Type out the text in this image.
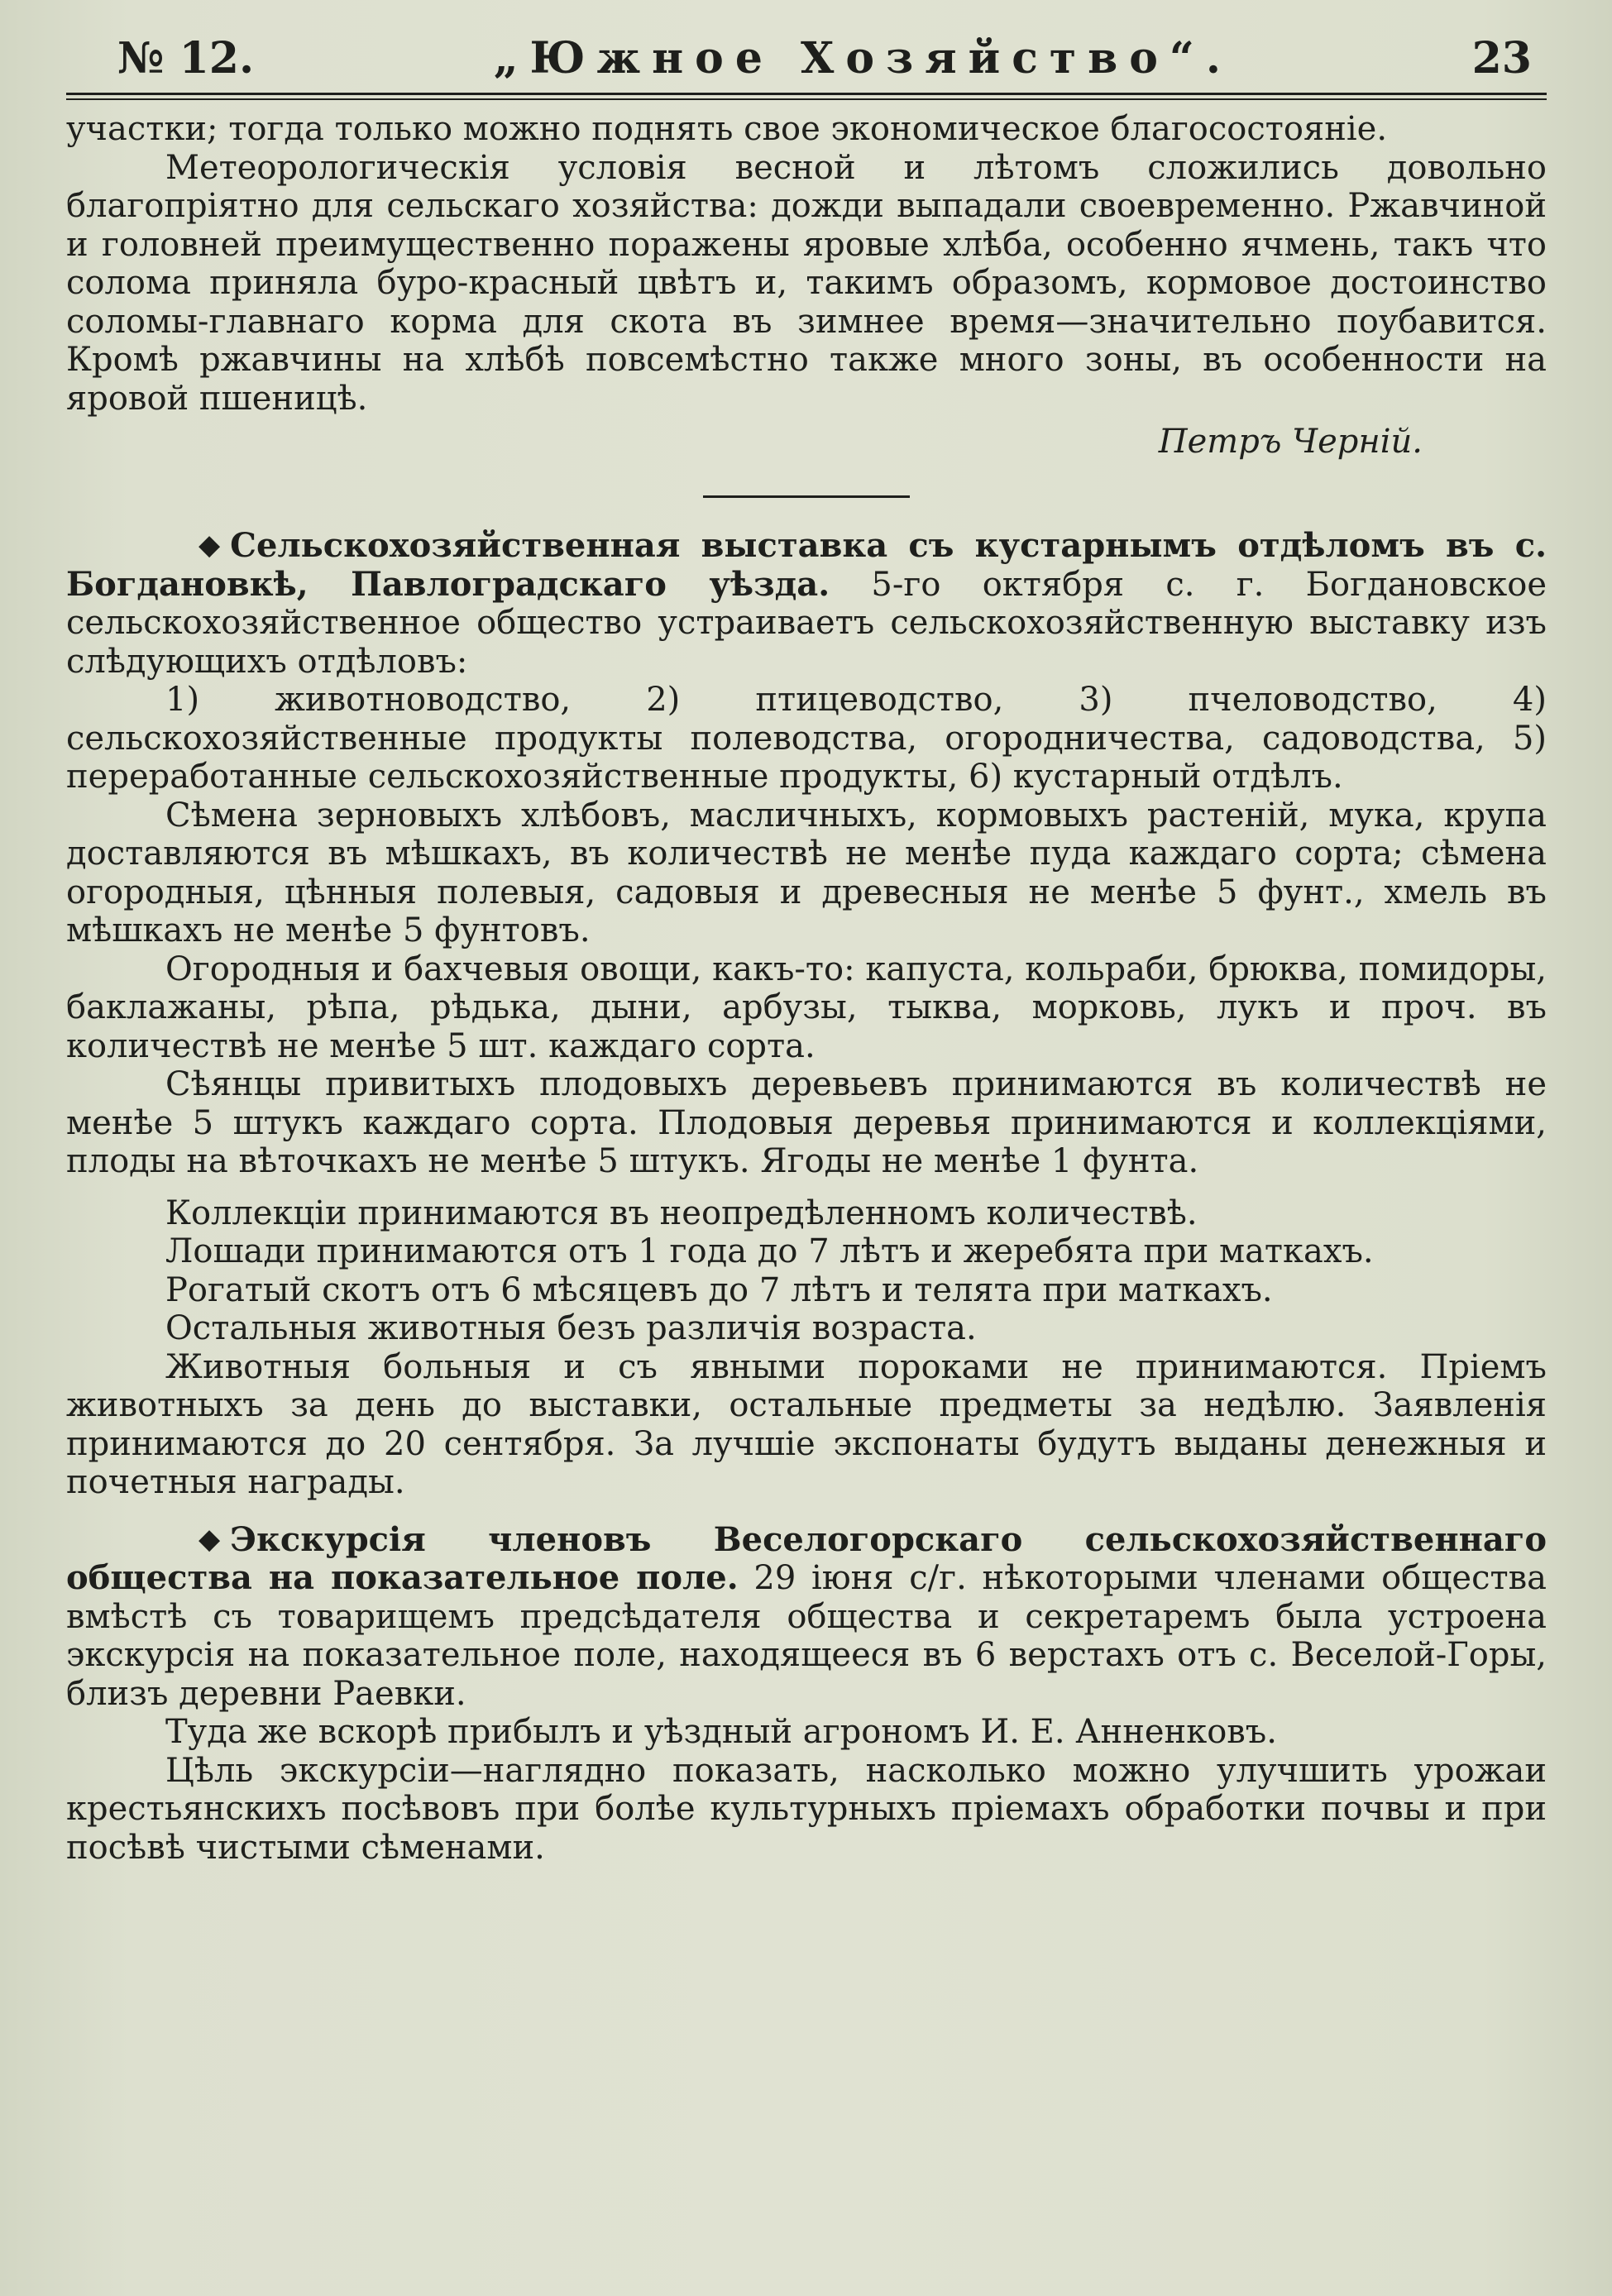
№ 12.	„Южное Хозяйство“.	23

участки; тогда только можно поднять свое экономическое благосостояніе.

Метеорологическія условія весной и лѣтомъ сложились довольно благопріятно для сельскаго хозяйства: дожди выпадали своевременно. Ржавчиной и головней преимущественно поражены яровые хлѣба, особенно ячмень, такъ что солома приняла буро-красный цвѣтъ и, такимъ образомъ, кормовое достоинство соломы-главнаго корма для скота въ зимнее время—значительно поубавится. Кромѣ ржавчины на хлѣбѣ повсемѣстно также много зоны, въ особенности на яровой пшеницѣ.

Петръ Черній.

◆ Сельскохозяйственная выставка съ кустарнымъ отдѣломъ въ с. Богдановкѣ, Павлоградскаго уѣзда. 5-го октября с. г. Богдановское сельскохозяйственное общество устраиваетъ сельскохозяйственную выставку изъ слѣдующихъ отдѣловъ:

1) животноводство, 2) птицеводство, 3) пчеловодство, 4) сельскохозяйственные продукты полеводства, огородничества, садоводства, 5) переработанные сельскохозяйственные продукты, 6) кустарный отдѣлъ.

Сѣмена зерновыхъ хлѣбовъ, масличныхъ, кормовыхъ растеній, мука, крупа доставляются въ мѣшкахъ, въ количествѣ не менѣе пуда каждаго сорта; сѣмена огородныя, цѣнныя полевыя, садовыя и древесныя не менѣе 5 фунт., хмель въ мѣшкахъ не менѣе 5 фунтовъ.

Огородныя и бахчевыя овощи, какъ-то: капуста, кольраби, брюква, помидоры, баклажаны, рѣпа, рѣдька, дыни, арбузы, тыква, морковь, лукъ и проч. въ количествѣ не менѣе 5 шт. каждаго сорта.

Сѣянцы привитыхъ плодовыхъ деревьевъ принимаются въ количествѣ не менѣе 5 штукъ каждаго сорта. Плодовыя деревья принимаются и коллекціями, плоды на вѣточкахъ не менѣе 5 штукъ. Ягоды не менѣе 1 фунта.

Коллекціи принимаются въ неопредѣленномъ количествѣ.

Лошади принимаются отъ 1 года до 7 лѣтъ и жеребята при маткахъ.

Рогатый скотъ отъ 6 мѣсяцевъ до 7 лѣтъ и телята при маткахъ.

Остальныя животныя безъ различія возраста.

Животныя больныя и съ явными пороками не принимаются. Пріемъ животныхъ за день до выставки, остальные предметы за недѣлю. Заявленія принимаются до 20 сентября. За лучшіе экспонаты будутъ выданы денежныя и почетныя награды.

◆ Экскурсія членовъ Веселогорскаго сельскохозяйственнаго общества на показательное поле. 29 іюня с/г. нѣкоторыми членами общества вмѣстѣ съ товарищемъ предсѣдателя общества и секретаремъ была устроена экскурсія на показательное поле, находящееся въ 6 верстахъ отъ с. Веселой-Горы, близъ деревни Раевки.

Туда же вскорѣ прибылъ и уѣздный агрономъ И. Е. Анненковъ.

Цѣль экскурсіи—наглядно показать, насколько можно улучшить урожаи крестьянскихъ посѣвовъ при болѣе культурныхъ пріемахъ обработки почвы и при посѣвѣ чистыми сѣменами.
